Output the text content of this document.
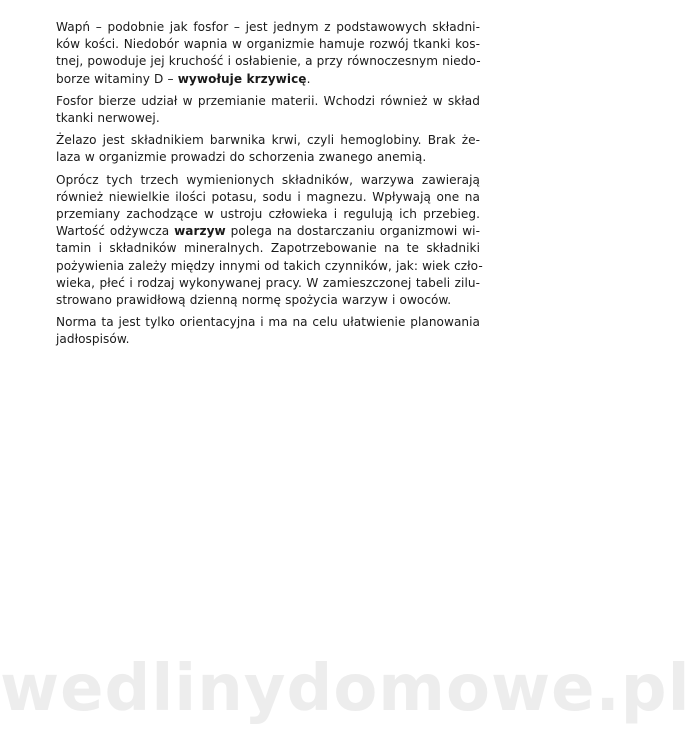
Wapń – podobnie jak fosfor – jest jednym z podstawowych składni-
ków kości. Niedobór wapnia w organizmie hamuje rozwój tkanki kos-
tnej, powoduje jej kruchość i osłabienie, a przy równoczesnym niedo-
borze witaminy D – wywołuje krzywicę.

Fosfor bierze udział w przemianie materii. Wchodzi również w skład
tkanki nerwowej.

Żelazo jest składnikiem barwnika krwi, czyli hemoglobiny. Brak że-
laza w organizmie prowadzi do schorzenia zwanego anemią.

Oprócz tych trzech wymienionych składników, warzywa zawierają
również niewielkie ilości potasu, sodu i magnezu. Wpływają one na
przemiany zachodzące w ustroju człowieka i regulują ich przebieg.
Wartość odżywcza warzyw polega na dostarczaniu organizmowi wi-
tamin i składników mineralnych. Zapotrzebowanie na te składniki
pożywienia zależy między innymi od takich czynników, jak: wiek czło-
wieka, płeć i rodzaj wykonywanej pracy. W zamieszczonej tabeli zilu-
strowano prawidłową dzienną normę spożycia warzyw i owoców.

Norma ta jest tylko orientacyjna i ma na celu ułatwienie planowania
jadłospisów.

wedlinydomowe.pl
